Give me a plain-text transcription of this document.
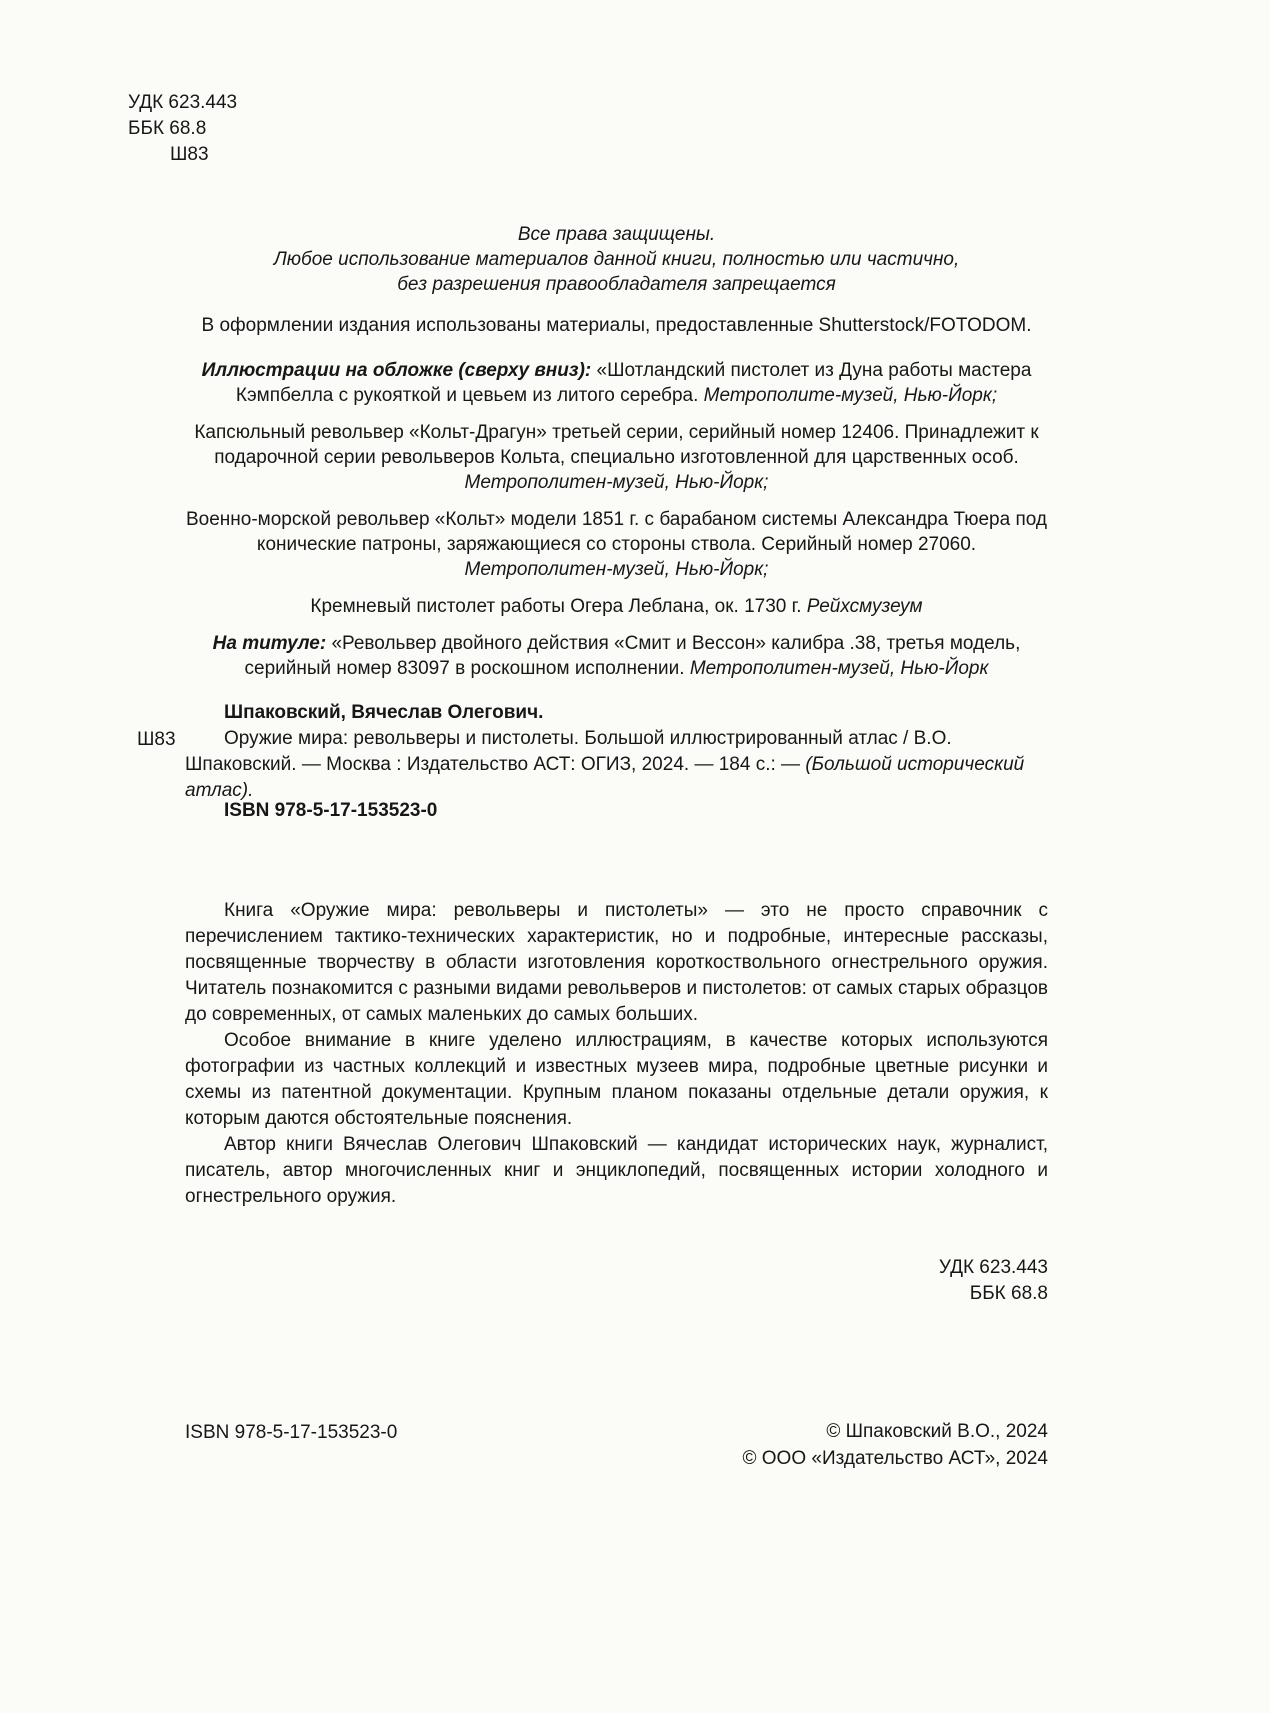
УДК 623.443
ББК 68.8
Ш83

Все права защищены.
Любое использование материалов данной книги, полностью или частично,
без разрешения правообладателя запрещается

В оформлении издания использованы материалы, предоставленные Shutterstock/FOTODOM.

Иллюстрации на обложке (сверху вниз): «Шотландский пистолет из Дуна работы мастера Кэмпбелла с рукояткой и цевьем из литого серебра. Метрополите-музей, Нью-Йорк;

Капсюльный револьвер «Кольт-Драгун» третьей серии, серийный номер 12406. Принадлежит к подарочной серии револьверов Кольта, специально изготовленной для царственных особ. Метрополитен-музей, Нью-Йорк;

Военно-морской револьвер «Кольт» модели 1851 г. с барабаном системы Александра Тюера под конические патроны, заряжающиеся со стороны ствола. Серийный номер 27060. Метрополитен-музей, Нью-Йорк;

Кремневый пистолет работы Огера Леблана, ок. 1730 г. Рейхсмузеум

На титуле: «Револьвер двойного действия «Смит и Вессон» калибра .38, третья модель, серийный номер 83097 в роскошном исполнении. Метрополитен-музей, Нью-Йорк

Ш83

Шпаковский, Вячеслав Олегович.

Оружие мира: револьверы и пистолеты. Большой иллюстрированный атлас / В.О. Шпаковский. — Москва : Издательство АСТ: ОГИЗ, 2024. — 184 с.: — (Большой исторический атлас).

ISBN 978-5-17-153523-0

Книга «Оружие мира: револьверы и пистолеты» — это не просто справочник с перечислением тактико-технических характеристик, но и подробные, интересные рассказы, посвященные творчеству в области изготовления короткоствольного огнестрельного оружия. Читатель познакомится с разными видами револьверов и пистолетов: от самых старых образцов до современных, от самых маленьких до самых больших.

Особое внимание в книге уделено иллюстрациям, в качестве которых используются фотографии из частных коллекций и известных музеев мира, подробные цветные рисунки и схемы из патентной документации. Крупным планом показаны отдельные детали оружия, к которым даются обстоятельные пояснения.

Автор книги Вячеслав Олегович Шпаковский — кандидат исторических наук, журналист, писатель, автор многочисленных книг и энциклопедий, посвященных истории холодного и огнестрельного оружия.

УДК 623.443
ББК 68.8
ISBN 978-5-17-153523-0	© Шпаковский В.О., 2024
© ООО «Издательство АСТ», 2024
